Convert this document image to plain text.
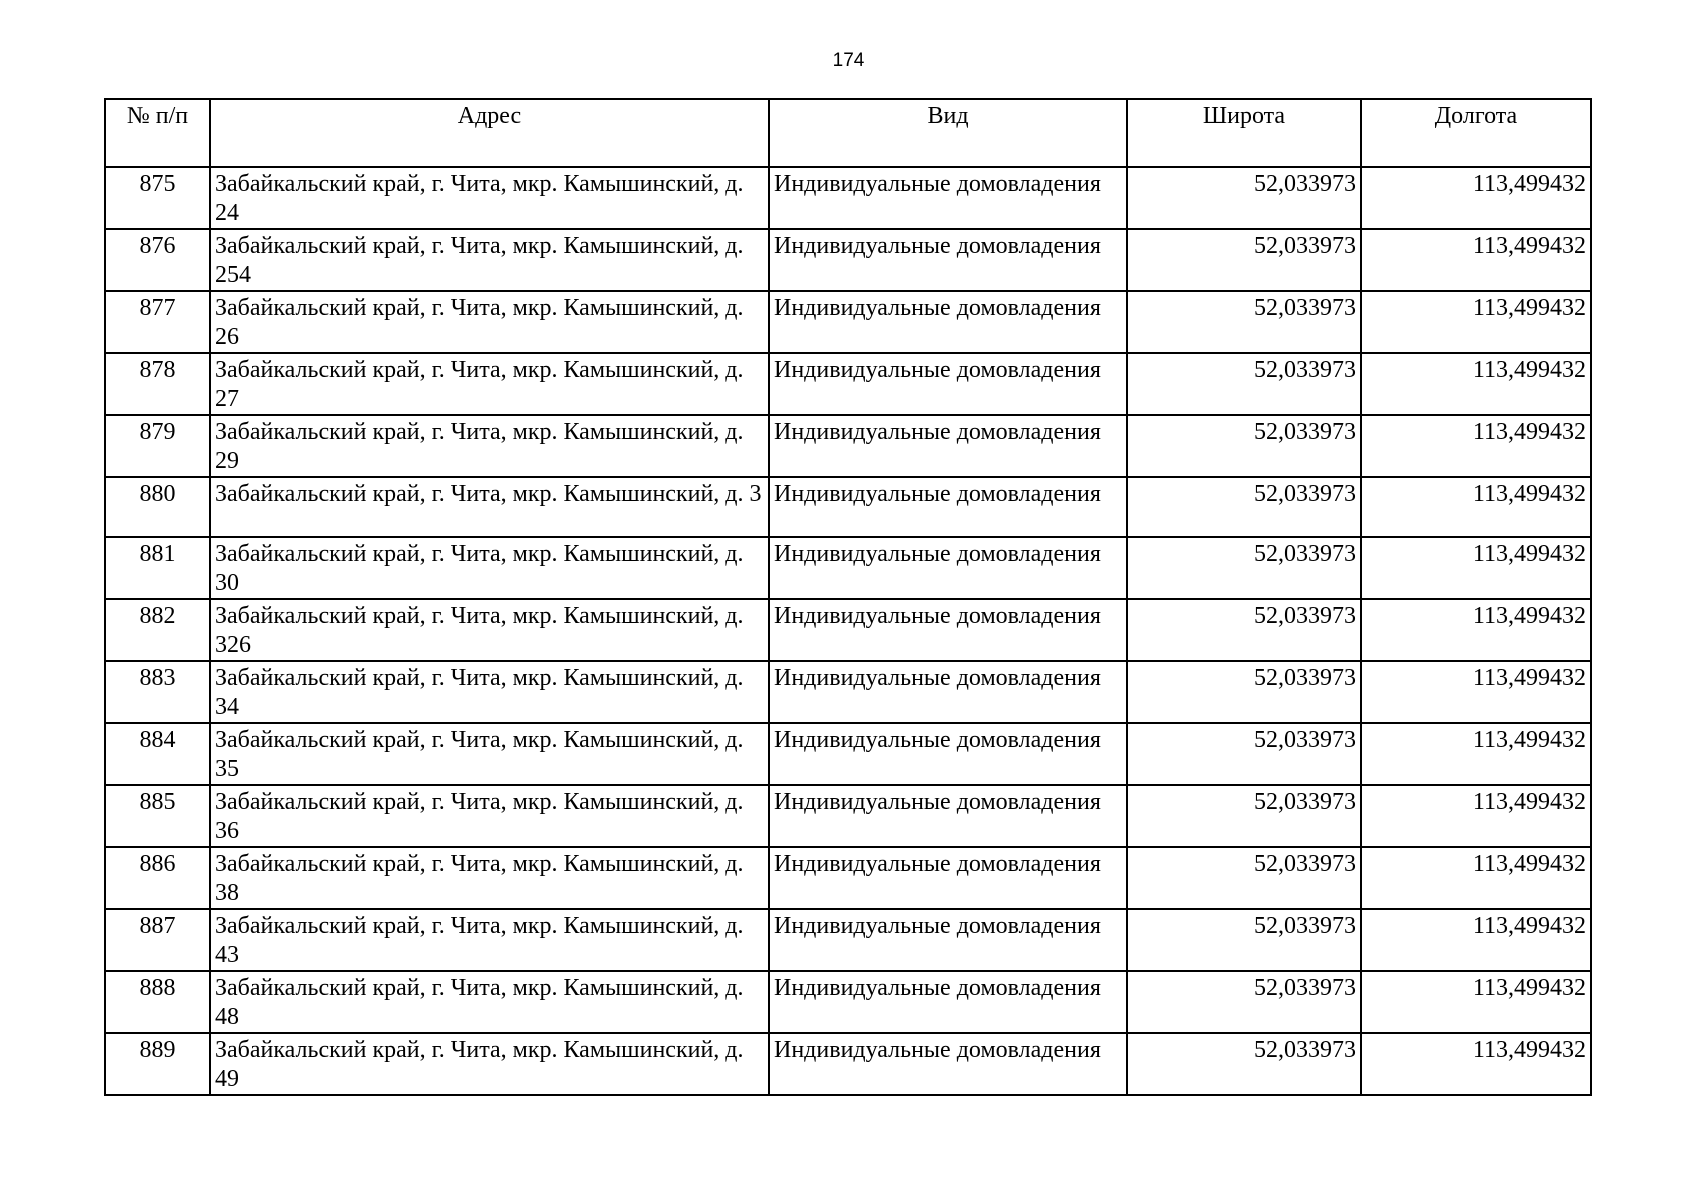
174
№ п/п	Адрес	Вид	Широта	Долгота
875	Забайкальский край, г. Чита, мкр. Камышинский, д. 24	Индивидуальные домовладения	52,033973	113,499432
876	Забайкальский край, г. Чита, мкр. Камышинский, д. 254	Индивидуальные домовладения	52,033973	113,499432
877	Забайкальский край, г. Чита, мкр. Камышинский, д. 26	Индивидуальные домовладения	52,033973	113,499432
878	Забайкальский край, г. Чита, мкр. Камышинский, д. 27	Индивидуальные домовладения	52,033973	113,499432
879	Забайкальский край, г. Чита, мкр. Камышинский, д. 29	Индивидуальные домовладения	52,033973	113,499432
880	Забайкальский край, г. Чита, мкр. Камышинский, д. 3	Индивидуальные домовладения	52,033973	113,499432
881	Забайкальский край, г. Чита, мкр. Камышинский, д. 30	Индивидуальные домовладения	52,033973	113,499432
882	Забайкальский край, г. Чита, мкр. Камышинский, д. 326	Индивидуальные домовладения	52,033973	113,499432
883	Забайкальский край, г. Чита, мкр. Камышинский, д. 34	Индивидуальные домовладения	52,033973	113,499432
884	Забайкальский край, г. Чита, мкр. Камышинский, д. 35	Индивидуальные домовладения	52,033973	113,499432
885	Забайкальский край, г. Чита, мкр. Камышинский, д. 36	Индивидуальные домовладения	52,033973	113,499432
886	Забайкальский край, г. Чита, мкр. Камышинский, д. 38	Индивидуальные домовладения	52,033973	113,499432
887	Забайкальский край, г. Чита, мкр. Камышинский, д. 43	Индивидуальные домовладения	52,033973	113,499432
888	Забайкальский край, г. Чита, мкр. Камышинский, д. 48	Индивидуальные домовладения	52,033973	113,499432
889	Забайкальский край, г. Чита, мкр. Камышинский, д. 49	Индивидуальные домовладения	52,033973	113,499432
